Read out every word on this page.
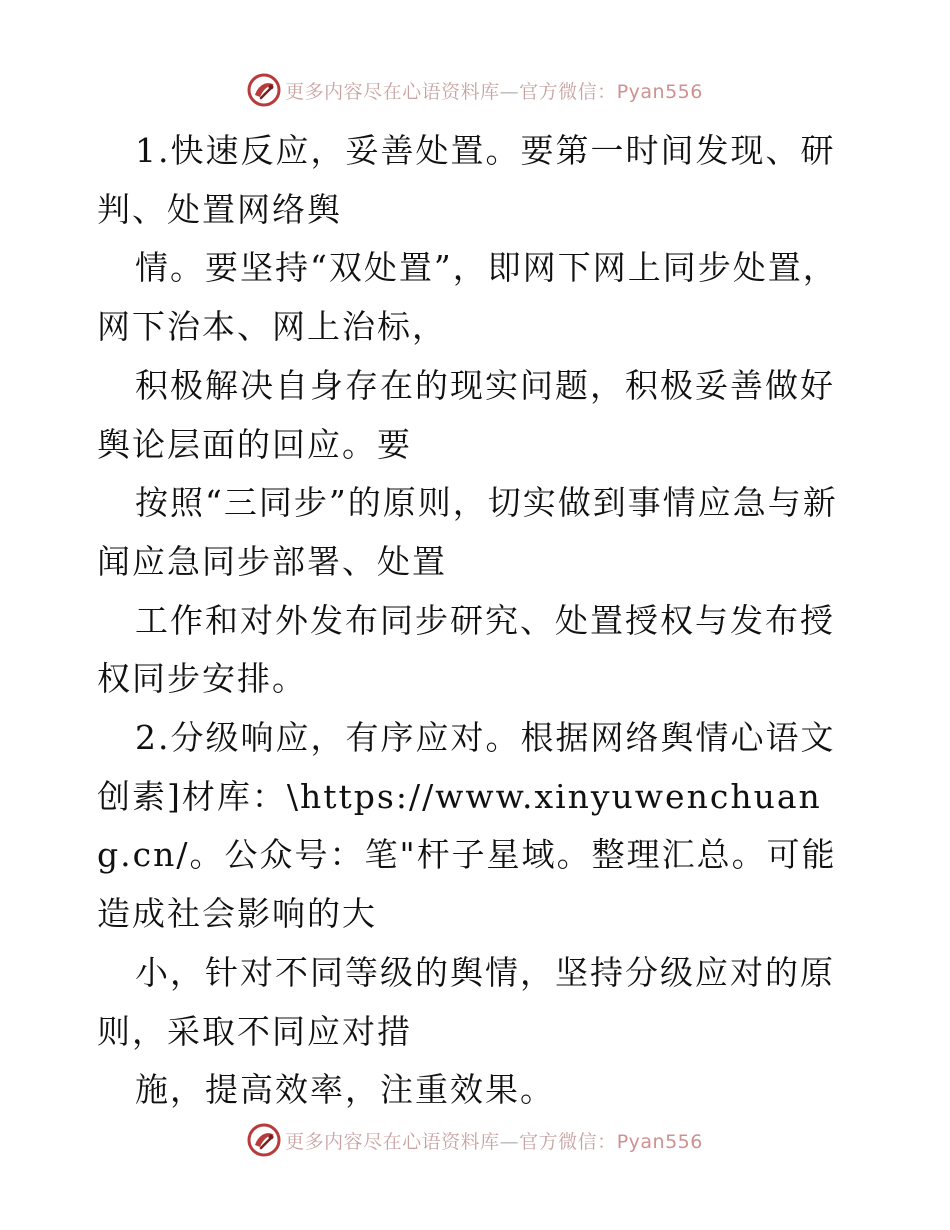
更多内容尽在心语资料库—官方微信：Pyan556

1.快速反应，妥善处置。要第一时间发现、研判、处置网络舆

情。要坚持“双处置”，即网下网上同步处置，网下治本、网上治标，

积极解决自身存在的现实问题，积极妥善做好舆论层面的回应。要

按照“三同步”的原则，切实做到事情应急与新闻应急同步部署、处置

工作和对外发布同步研究、处置授权与发布授权同步安排。

2.分级响应，有序应对。根据网络舆情心语文创素]材库：\https://www.xinyuwenchuang.cn/。公众号：笔"杆子星域。整理汇总。可能造成社会影响的大

小，针对不同等级的舆情，坚持分级应对的原则，采取不同应对措

施，提高效率，注重效果。

更多内容尽在心语资料库—官方微信：Pyan556
